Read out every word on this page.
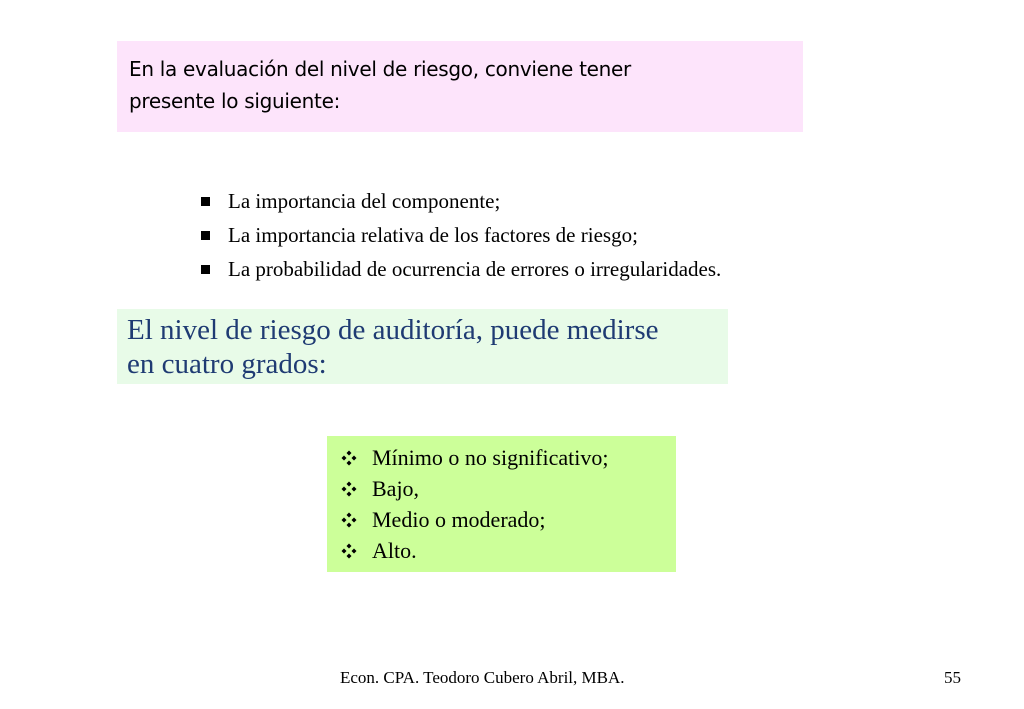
En la evaluación del nivel de riesgo, conviene tener
presente lo siguiente:
La importancia del componente;
La importancia relativa de los factores de riesgo;
La probabilidad de ocurrencia de errores o irregularidades.
El nivel de riesgo de auditoría, puede medirse
en cuatro grados:
Mínimo o no significativo;
Bajo,
Medio o moderado;
Alto.
Econ. CPA. Teodoro Cubero Abril, MBA.	55
